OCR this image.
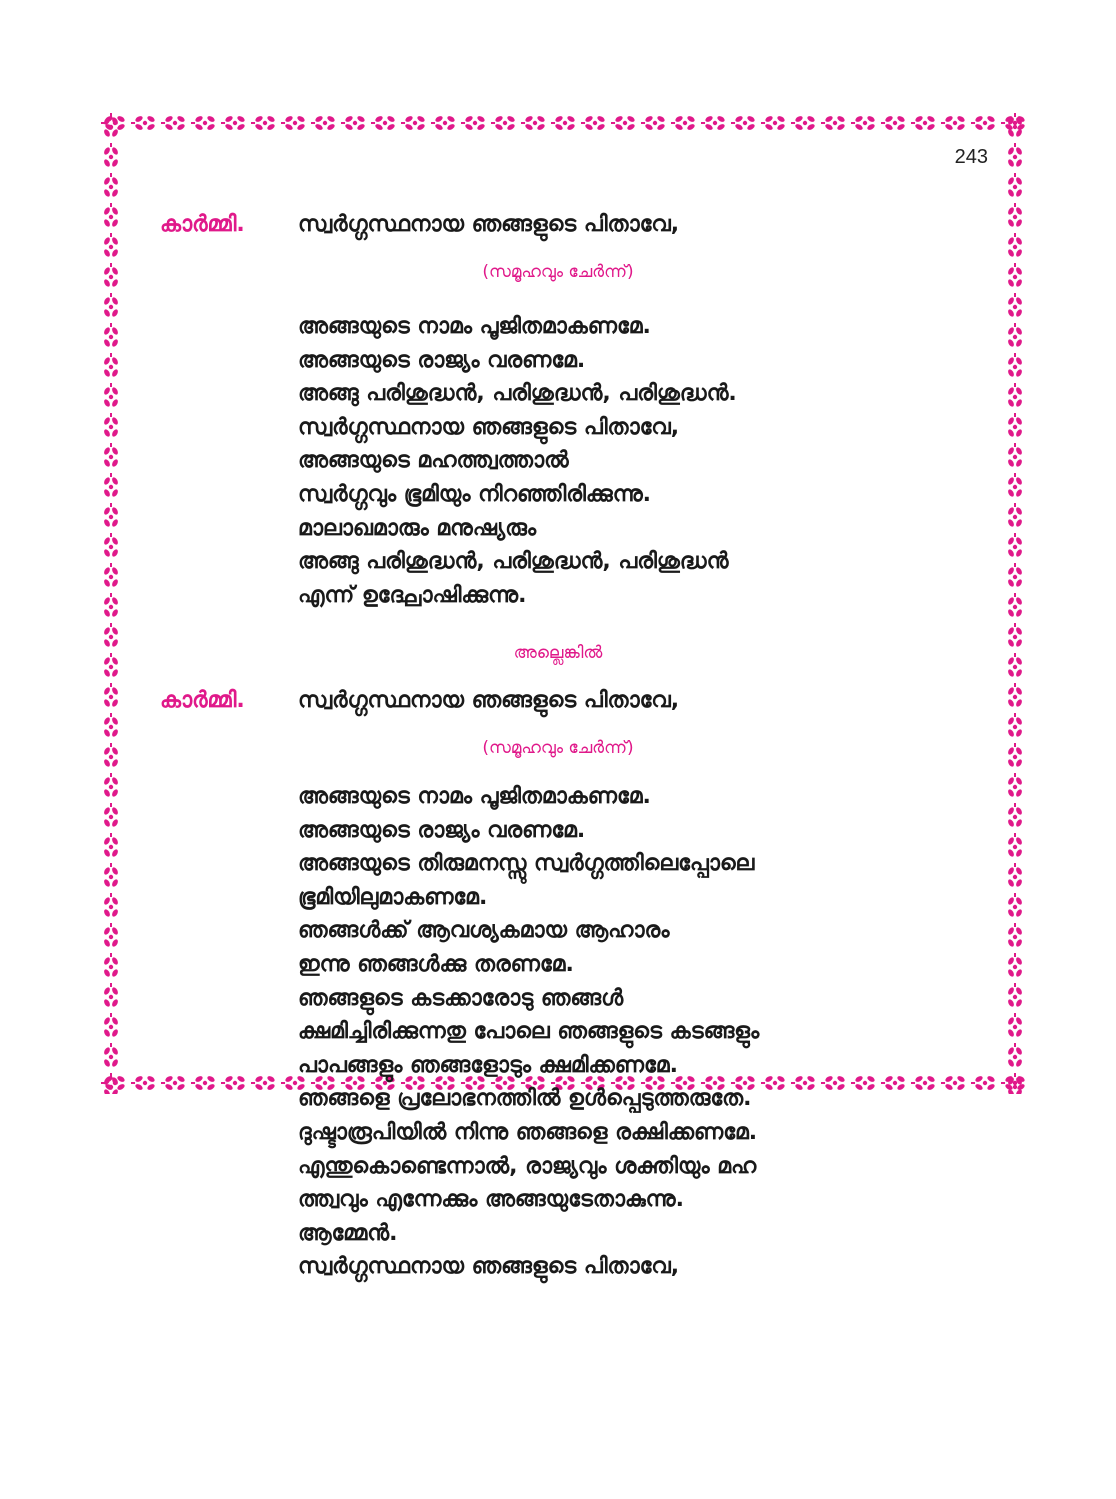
243
കാർമ്മി. സ്വർഗ്ഗസ്ഥനായ ഞങ്ങളുടെ പിതാവേ,
(സമൂഹവും ചേർന്ന്)
അങ്ങയുടെ നാമം പൂജിതമാകണമേ.
അങ്ങയുടെ രാജ്യം വരണമേ.
അങ്ങു പരിശുദ്ധൻ, പരിശുദ്ധൻ, പരിശുദ്ധൻ.
സ്വർഗ്ഗസ്ഥനായ ഞങ്ങളുടെ പിതാവേ,
അങ്ങയുടെ മഹത്ത്വത്താൽ
സ്വർഗ്ഗവും ഭൂമിയും നിറഞ്ഞിരിക്കുന്നു.
മാലാഖമാരും മനുഷ്യരും
അങ്ങു പരിശുദ്ധൻ, പരിശുദ്ധൻ, പരിശുദ്ധൻ
എന്ന് ഉദ്ഘോഷിക്കുന്നു.
അല്ലെങ്കിൽ
കാർമ്മി. സ്വർഗ്ഗസ്ഥനായ ഞങ്ങളുടെ പിതാവേ,
(സമൂഹവും ചേർന്ന്)
അങ്ങയുടെ നാമം പൂജിതമാകണമേ.
അങ്ങയുടെ രാജ്യം വരണമേ.
അങ്ങയുടെ തിരുമനസ്സു സ്വർഗ്ഗത്തിലെപ്പോലെ
ഭൂമിയിലുമാകണമേ.
ഞങ്ങൾക്ക് ആവശ്യകമായ ആഹാരം
ഇന്നു ഞങ്ങൾക്കു തരണമേ.
ഞങ്ങളുടെ കടക്കാരോടു ഞങ്ങൾ
ക്ഷമിച്ചിരിക്കുന്നതു പോലെ ഞങ്ങളുടെ കടങ്ങളും
പാപങ്ങളും ഞങ്ങളോടും ക്ഷമിക്കണമേ.
ഞങ്ങളെ പ്രലോഭനത്തിൽ ഉൾപ്പെടുത്തരുതേ.
ദുഷ്ടാരൂപിയിൽ നിന്നു ഞങ്ങളെ രക്ഷിക്കണമേ.
എന്തുകൊണ്ടെന്നാൽ, രാജ്യവും ശക്തിയും മഹ
ത്ത്വവും എന്നേക്കും അങ്ങയുടേതാകുന്നു.
ആമ്മേൻ.
സ്വർഗ്ഗസ്ഥനായ ഞങ്ങളുടെ പിതാവേ,
